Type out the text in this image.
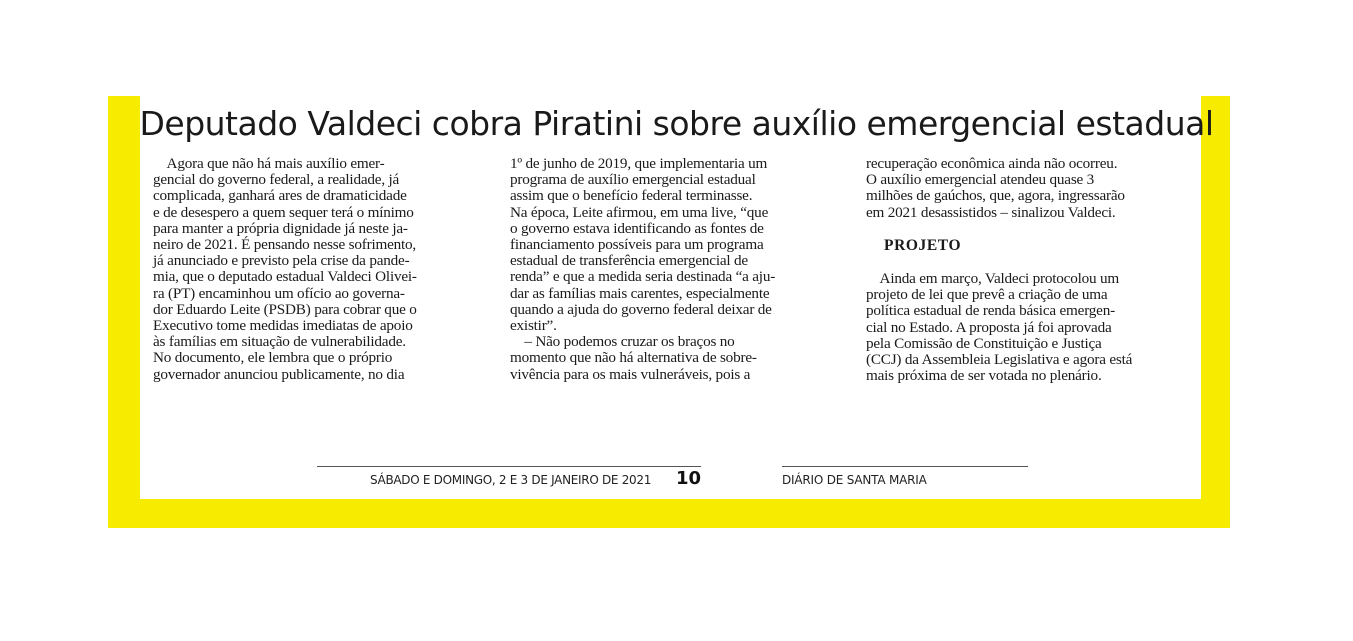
Deputado Valdeci cobra Piratini sobre auxílio emergencial estadual
Agora que não há mais auxílio emer-
gencial do governo federal, a realidade, já
complicada, ganhará ares de dramaticidade
e de desespero a quem sequer terá o mínimo
para manter a própria dignidade já neste ja-
neiro de 2021. É pensando nesse sofrimento,
já anunciado e previsto pela crise da pande-
mia, que o deputado estadual Valdeci Olivei-
ra (PT) encaminhou um ofício ao governa-
dor Eduardo Leite (PSDB) para cobrar que o
Executivo tome medidas imediatas de apoio
às famílias em situação de vulnerabilidade.
No documento, ele lembra que o próprio
governador anunciou publicamente, no dia
1º de junho de 2019, que implementaria um
programa de auxílio emergencial estadual
assim que o benefício federal terminasse.
Na época, Leite afirmou, em uma live, “que
o governo estava identificando as fontes de
financiamento possíveis para um programa
estadual de transferência emergencial de
renda” e que a medida seria destinada “a aju-
dar as famílias mais carentes, especialmente
quando a ajuda do governo federal deixar de
existir”.
– Não podemos cruzar os braços no
momento que não há alternativa de sobre-
vivência para os mais vulneráveis, pois a
recuperação econômica ainda não ocorreu.
O auxílio emergencial atendeu quase 3
milhões de gaúchos, que, agora, ingressarão
em 2021 desassistidos – sinalizou Valdeci.
PROJETO
Ainda em março, Valdeci protocolou um
projeto de lei que prevê a criação de uma
política estadual de renda básica emergen-
cial no Estado. A proposta já foi aprovada
pela Comissão de Constituição e Justiça
(CCJ) da Assembleia Legislativa e agora está
mais próxima de ser votada no plenário.
SÁBADO E DOMINGO, 2 E 3 DE JANEIRO DE 2021 10	DIÁRIO DE SANTA MARIA
